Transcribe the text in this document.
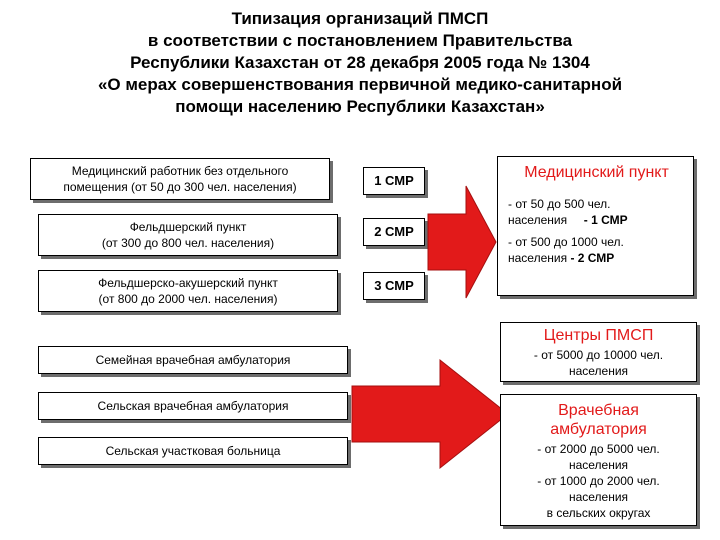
Типизация организаций ПМСП
в соответствии с постановлением Правительства
Республики Казахстан от 28 декабря 2005 года № 1304
«О мерах совершенствования первичной медико-санитарной
помощи населению Республики Казахстан»
Медицинский работник без отдельного
помещения (от 50 до 300 чел. населения)
Фельдшерский пункт
(от 300 до 800 чел. населения)
Фельдшерско-акушерский пункт
(от 800 до 2000 чел. населения)
1 СМР
2 СМР
3 СМР
Медицинский пункт
- от 50 до 500 чел.
населения - 1 СМР
- от 500 до 1000 чел.
населения - 2 СМР
Семейная врачебная амбулатория
Сельская врачебная амбулатория
Сельская участковая больница
Центры ПМСП
- от 5000 до 10000 чел.
населения
Врачебная
амбулатория
- от 2000 до 5000 чел.
населения
- от 1000 до 2000 чел.
населения
в сельских округах
